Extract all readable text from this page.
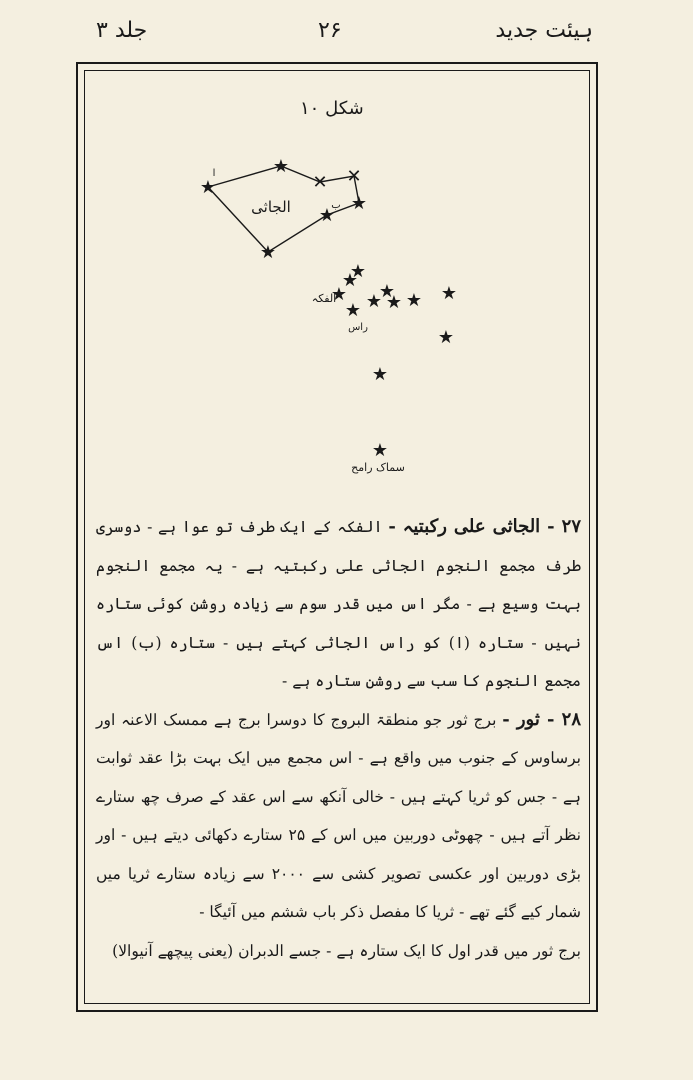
جلد ۳	۲۶	ہیئت جدید
شکل ۱۰
★
★
✕ ✕
★
★
★
★
★
★
★ ★
★
★ ★ ★
★
★
★
الجاثی
الفکہ
راس
ا
ب
سماک رامح

۲۷ - الجاثی علی رکبتیہ - الفکہ کے ایک طرف تو عوا ہے - دوسری طرف مجمع النجوم الجاثی علی رکبتیہ ہے - یہ مجمع النجوم بہت وسیع ہے - مگر اس میں قدر سوم سے زیادہ روشن کوئی ستارہ نہیں - ستارہ (ا) کو راس الجاثی کہتے ہیں - ستارہ (ب) اس مجمع النجوم کا سب سے روشن ستارہ ہے -

۲۸ - ثور - برج ثور جو منطقۃ البروج کا دوسرا برج ہے ممسک الاعنہ اور برساوس کے جنوب میں واقع ہے - اس مجمع میں ایک بہت بڑا عقد ثوابت ہے - جس کو ثریا کہتے ہیں - خالی آنکھ سے اس عقد کے صرف چھ ستارے نظر آتے ہیں - چھوٹی دوربین میں اس کے ۲۵ ستارے دکھائی دیتے ہیں - اور بڑی دوربین اور عکسی تصویر کشی سے ۲۰۰۰ سے زیادہ ستارے ثریا میں شمار کیے گئے تھے - ثریا کا مفصل ذکر باب ششم میں آئیگا -

برج ثور میں قدر اول کا ایک ستارہ ہے - جسے الدبران (یعنی پیچھے آنیوالا)
